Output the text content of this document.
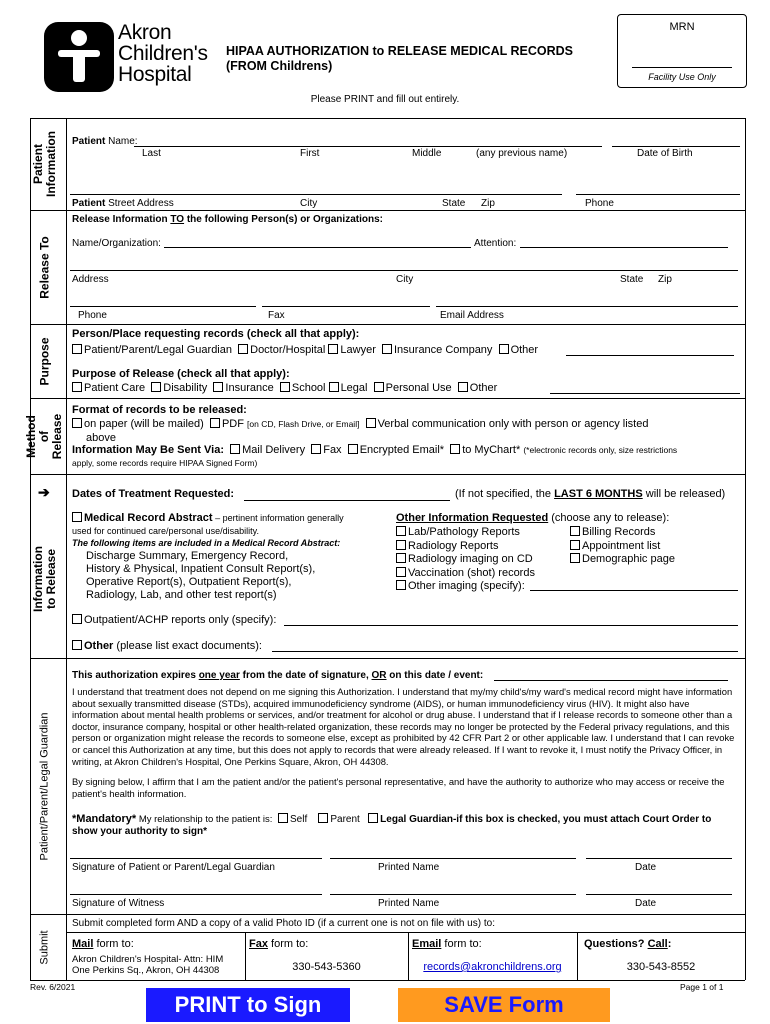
Akron
Children's
Hospital
HIPAA AUTHORIZATION to RELEASE MEDICAL RECORDS
(FROM Childrens)
MRN
Facility Use Only
Please PRINT and fill out entirely.
Patient Information
Release To
Purpose
Method of Release
➔
Information to Release
Patient/Parent/Legal Guardian
Submit
Patient Name:
Last	First	Middle	(any previous name)	Date of Birth
Patient Street Address	City	State Zip	Phone
Release Information TO the following Person(s) or Organizations:
Name/Organization:	Attention:
Address	City	State Zip
Phone	Fax	Email Address
Person/Place requesting records (check all that apply):
Patient/Parent/Legal Guardian Doctor/Hospital Lawyer Insurance Company Other
Purpose of Release (check all that apply):
Patient Care Disability Insurance School Legal Personal Use Other
Format of records to be released:
on paper (will be mailed) PDF [on CD, Flash Drive, or Email] Verbal communication only with person or agency listed
above
Information May Be Sent Via: Mail Delivery Fax Encrypted Email* to MyChart* (*electronic records only, size restrictions
apply, some records require HIPAA Signed Form)
Dates of Treatment Requested:	(If not specified, the LAST 6 MONTHS will be released)
Medical Record Abstract – pertinent information generally
used for continued care/personal use/disability.
The following items are included in a Medical Record Abstract:
Discharge Summary, Emergency Record,
History & Physical, Inpatient Consult Report(s),
Operative Report(s), Outpatient Report(s),
Radiology, Lab, and other test report(s)
Other Information Requested (choose any to release):
Lab/Pathology Reports
Radiology Reports
Radiology imaging on CD
Vaccination (shot) records
Other imaging (specify):
Billing Records
Appointment list
Demographic page
Outpatient/ACHP reports only (specify):
Other (please list exact documents):
This authorization expires one year from the date of signature, OR on this date / event:

I understand that treatment does not depend on me signing this Authorization. I understand that my/my child's/my ward's medical record might have information about sexually transmitted disease (STDs), acquired immunodeficiency syndrome (AIDS), or human immunodeficiency virus (HIV). It might also have information about mental health problems or services, and/or treatment for alcohol or drug abuse. I understand that if I release records to someone other than a doctor, insurance company, hospital or other health-related organization, these records may no longer be protected by the Federal privacy regulations, and this person or organization might release the records to someone else, except as prohibited by 42 CFR Part 2 or other applicable law. I understand that I can revoke or cancel this Authorization at any time, but this does not apply to records that were already released. If I want to revoke it, I must notify the Privacy Officer, in writing, at Akron Children's Hospital, One Perkins Square, Akron, OH 44308.

By signing below, I affirm that I am the patient and/or the patient's personal representative, and have the authority to authorize who may access or receive the patient's health information.

*Mandatory* My relationship to the patient is: Self Parent Legal Guardian-if this box is checked, you must attach Court Order to
show your authority to sign*
Signature of Patient or Parent/Legal Guardian	Printed Name	Date
Signature of Witness	Printed Name	Date
Submit completed form AND a copy of a valid Photo ID (if a current one is not on file with us) to:
Mail form to:
Akron Children's Hospital- Attn: HIM
One Perkins Sq., Akron, OH 44308
Fax form to:
330-543-5360
Email form to:
records@akronchildrens.org
Questions? Call:
330-543-8552
Rev. 6/2021	Page 1 of 1
PRINT to Sign	SAVE Form
